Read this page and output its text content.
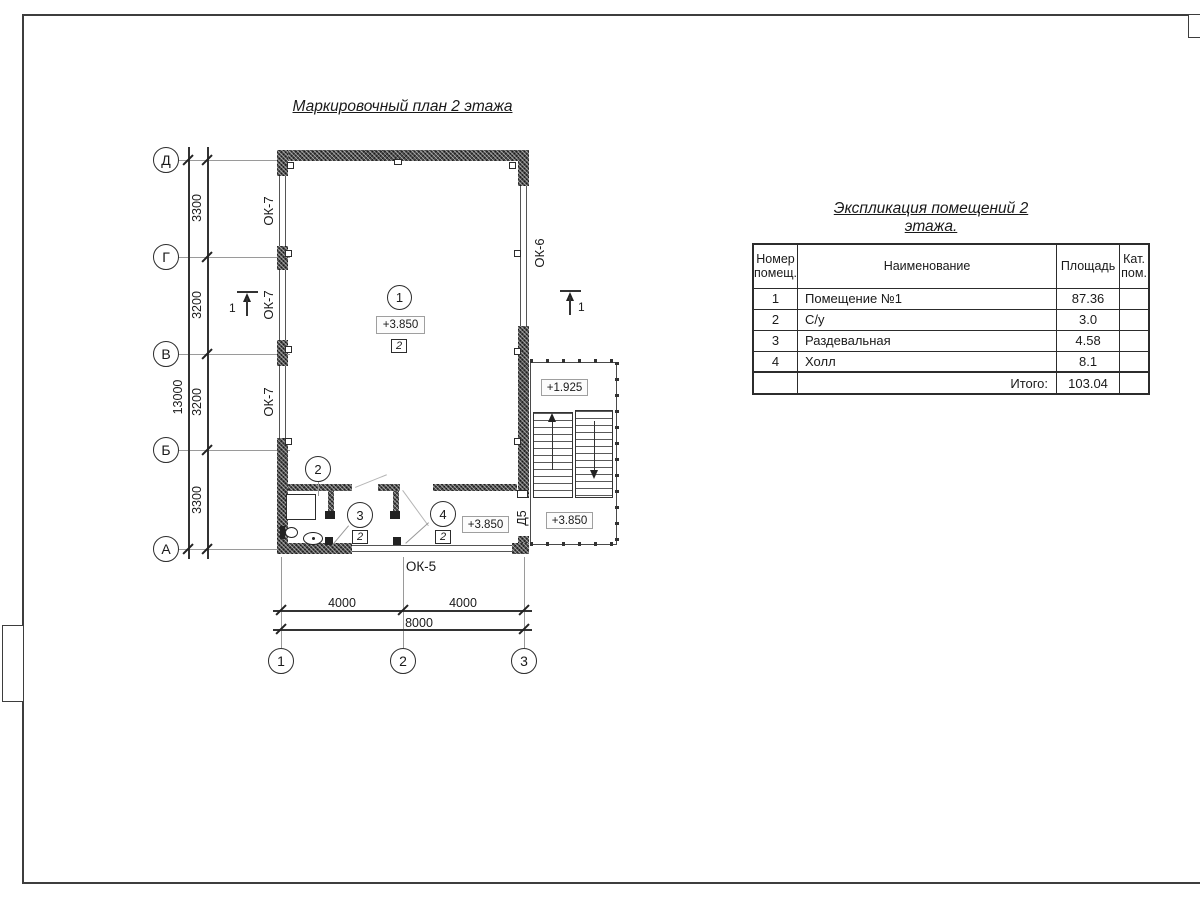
Маркировочный план 2 этажа
3300
3200
3200
3300
13000
Д
Г
В
Б
А
ОК-7
ОК-7
ОК-7
ОК-6
ОК-5
Д5
1
+3.850
2
2
3
2
4
2
+3.850
1	1
+1.925
+3.850
4000	4000
8000
1	2	3
Экспликация помещений 2 этажа.
Номер помещ.	Наименование	Площадь	Кат. пом.
1	Помещение №1	87.36	
2	С/у	3.0	
3	Раздевальная	4.58	
4	Холл	8.1	
	Итого:	103.04	
